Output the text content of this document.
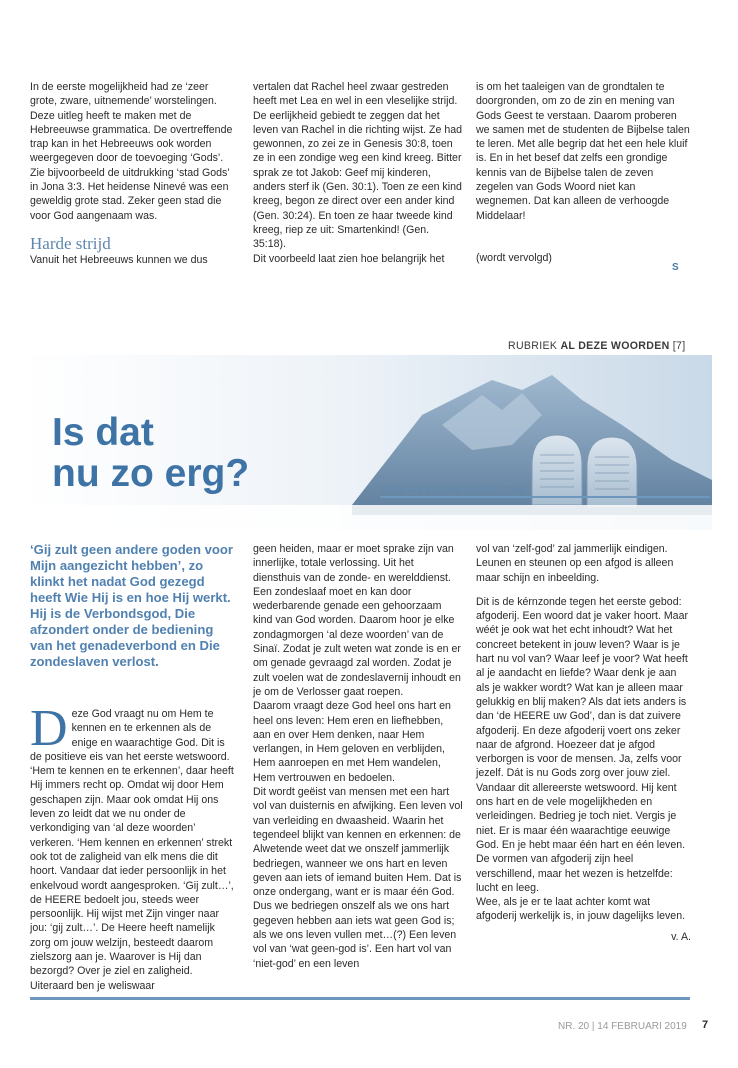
In de eerste mogelijkheid had ze ‘zeer grote, zware, uitnemende’ worstelingen. Deze uitleg heeft te maken met de Hebreeuwse grammatica. De overtreffende trap kan in het Hebreeuws ook worden weergegeven door de toevoeging ‘Gods’. Zie bijvoorbeeld de uitdrukking ‘stad Gods’ in Jona 3:3. Het heidense Ninevé was een geweldig grote stad. Zeker geen stad die voor God aangenaam was.

Harde strijd

Vanuit het Hebreeuws kunnen we dus

vertalen dat Rachel heel zwaar gestreden heeft met Lea en wel in een vleselijke strijd. De eerlijkheid gebiedt te zeggen dat het leven van Rachel in die richting wijst. Ze had gewonnen, zo zei ze in Genesis 30:8, toen ze in een zondige weg een kind kreeg. Bitter sprak ze tot Jakob: Geef mij kinderen, anders sterf ik (Gen. 30:1). Toen ze een kind kreeg, begon ze direct over een ander kind (Gen. 30:24). En toen ze haar tweede kind kreeg, riep ze uit: Smartenkind! (Gen. 35:18).

Dit voorbeeld laat zien hoe belangrijk het

is om het taaleigen van de grondtalen te doorgronden, om zo de zin en mening van Gods Geest te verstaan. Daarom proberen we samen met de studenten de Bijbelse talen te leren. Met alle begrip dat het een hele kluif is. En in het besef dat zelfs een grondige kennis van de Bijbelse talen de zeven zegelen van Gods Woord niet kan wegnemen. Dat kan alleen de verhoogde Middelaar!

(wordt vervolgd)

S
RUBRIEK AL DEZE WOORDEN [7]
Is dat
nu zo erg?	TIEN GEBODEN VOOR ONS
‘Gij zult geen andere goden voor Mijn aangezicht hebben’, zo klinkt het nadat God gezegd heeft Wie Hij is en hoe Hij werkt. Hij is de Verbondsgod, Die afzondert onder de bediening van het genadeverbond en Die zondeslaven verlost.

Deze God vraagt nu om Hem te kennen en te erkennen als de enige en waarachtige God. Dit is de positieve eis van het eerste wetswoord. ‘Hem te kennen en te erkennen’, daar heeft Hij immers recht op. Omdat wij door Hem geschapen zijn. Maar ook omdat Hij ons leven zo leidt dat we nu onder de verkondiging van ‘al deze woorden’ verkeren. ‘Hem kennen en erkennen’ strekt ook tot de zaligheid van elk mens die dit hoort. Vandaar dat ieder persoonlijk in het enkelvoud wordt aangesproken. ‘Gij zult…’, de HEERE bedoelt jou, steeds weer persoonlijk. Hij wijst met Zijn vinger naar jou: ‘gij zult…’. De Heere heeft namelijk zorg om jouw welzijn, besteedt daarom zielszorg aan je. Waarover is Hij dan bezorgd? Over je ziel en zaligheid. Uiteraard ben je weliswaar

geen heiden, maar er moet sprake zijn van innerlijke, totale verlossing. Uit het diensthuis van de zonde- en werelddienst. Een zondeslaaf moet en kan door wederbarende genade een gehoorzaam kind van God worden. Daarom hoor je elke zondagmorgen ‘al deze woorden’ van de Sinaï. Zodat je zult weten wat zonde is en er om genade gevraagd zal worden. Zodat je zult voelen wat de zondeslavernij inhoudt en je om de Verlosser gaat roepen.

Daarom vraagt deze God heel ons hart en heel ons leven: Hem eren en liefhebben, aan en over Hem denken, naar Hem verlangen, in Hem geloven en verblijden, Hem aanroepen en met Hem wandelen, Hem vertrouwen en bedoelen.

Dit wordt geëist van mensen met een hart vol van duisternis en afwijking. Een leven vol van verleiding en dwaasheid. Waarin het tegendeel blijkt van kennen en erkennen: de Alwetende weet dat we onszelf jammerlijk bedriegen, wanneer we ons hart en leven geven aan iets of iemand buiten Hem. Dat is onze ondergang, want er is maar één God. Dus we bedriegen onszelf als we ons hart gegeven hebben aan iets wat geen God is; als we ons leven vullen met…(?) Een leven vol van ‘wat geen-god is’. Een hart vol van ‘niet-god’ en een leven

vol van ‘zelf-god’ zal jammerlijk eindigen. Leunen en steunen op een afgod is alleen maar schijn en inbeelding.

Dit is de kérnzonde tegen het eerste gebod: afgoderij. Een woord dat je vaker hoort. Maar wéét je ook wat het echt inhoudt? Wat het concreet betekent in jouw leven? Waar is je hart nu vol van? Waar leef je voor? Wat heeft al je aandacht en liefde? Waar denk je aan als je wakker wordt? Wat kan je alleen maar gelukkig en blij maken? Als dat iets anders is dan ‘de HEERE uw God’, dan is dat zuivere afgoderij. En deze afgoderij voert ons zeker naar de afgrond. Hoezeer dat je afgod verborgen is voor de mensen. Ja, zelfs voor jezelf. Dát is nu Gods zorg over jouw ziel. Vandaar dit allereerste wetswoord. Hij kent ons hart en de vele mogelijkheden en verleidingen. Bedrieg je toch niet. Vergis je niet. Er is maar één waarachtige eeuwige God. En je hebt maar één hart en één leven. De vormen van afgoderij zijn heel verschillend, maar het wezen is hetzelfde: lucht en leeg.

Wee, als je er te laat achter komt wat afgoderij werkelijk is, in jouw dagelijks leven.

v. A.

NR. 20 | 14 FEBRUARI 2019 7
